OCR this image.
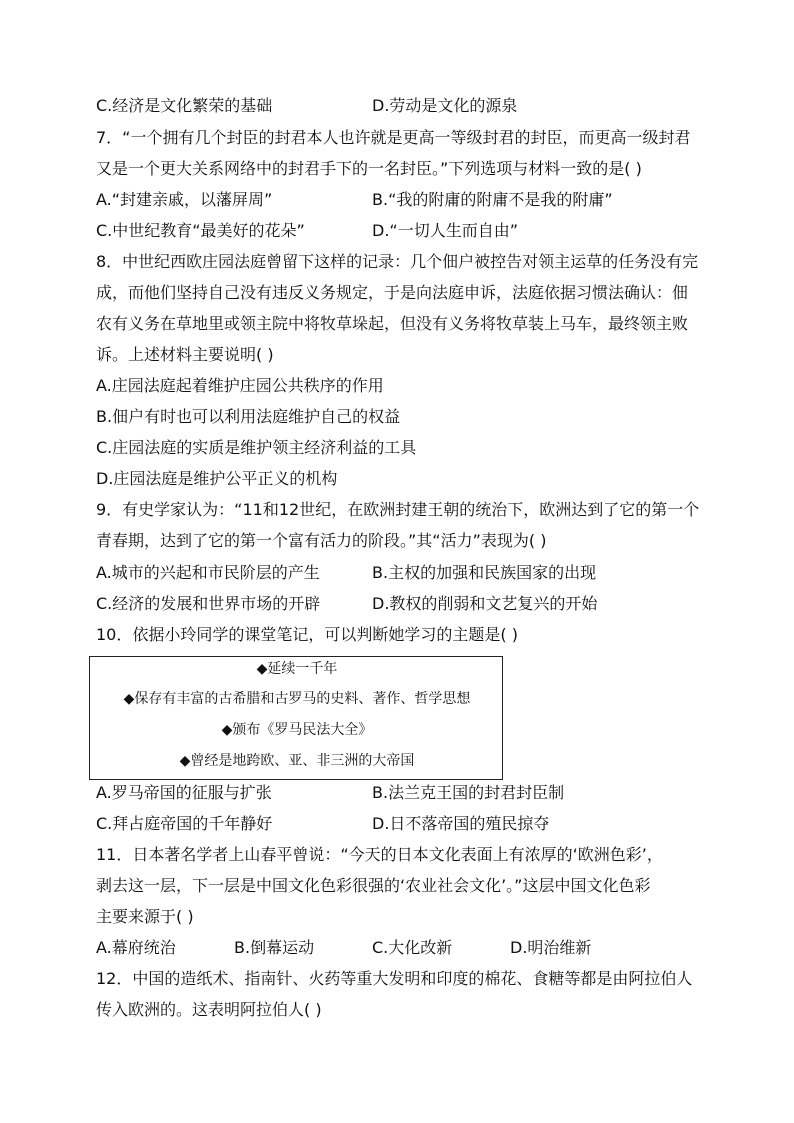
C.经济是文化繁荣的基础	D.劳动是文化的源泉
7．“一个拥有几个封臣的封君本人也许就是更高一等级封君的封臣，而更高一级封君
又是一个更大关系网络中的封君手下的一名封臣。”下列选项与材料一致的是( )
A.“封建亲戚，以藩屏周”	B.“我的附庸的附庸不是我的附庸”
C.中世纪教育“最美好的花朵”	D.“一切人生而自由”
8．中世纪西欧庄园法庭曾留下这样的记录：几个佃户被控告对领主运草的任务没有完
成，而他们坚持自己没有违反义务规定，于是向法庭申诉，法庭依据习惯法确认：佃
农有义务在草地里或领主院中将牧草垛起，但没有义务将牧草装上马车，最终领主败
诉。上述材料主要说明( )
A.庄园法庭起着维护庄园公共秩序的作用
B.佃户有时也可以利用法庭维护自己的权益
C.庄园法庭的实质是维护领主经济利益的工具
D.庄园法庭是维护公平正义的机构
9．有史学家认为：“11和12世纪，在欧洲封建王朝的统治下，欧洲达到了它的第一个
青春期，达到了它的第一个富有活力的阶段。”其“活力”表现为( )
A.城市的兴起和市民阶层的产生	B.主权的加强和民族国家的出现
C.经济的发展和世界市场的开辟	D.教权的削弱和文艺复兴的开始
10．依据小玲同学的课堂笔记，可以判断她学习的主题是( )
◆延续一千年
◆保存有丰富的古希腊和古罗马的史料、著作、哲学思想
◆颁布《罗马民法大全》
◆曾经是地跨欧、亚、非三洲的大帝国
A.罗马帝国的征服与扩张	B.法兰克王国的封君封臣制
C.拜占庭帝国的千年静好	D.日不落帝国的殖民掠夺
11．日本著名学者上山春平曾说：“今天的日本文化表面上有浓厚的‘欧洲色彩’，
剥去这一层，下一层是中国文化色彩很强的‘农业社会文化’。”这层中国文化色彩
主要来源于( )
A.幕府统治	B.倒幕运动	C.大化改新	D.明治维新
12．中国的造纸术、指南针、火药等重大发明和印度的棉花、食糖等都是由阿拉伯人
传入欧洲的。这表明阿拉伯人( )
